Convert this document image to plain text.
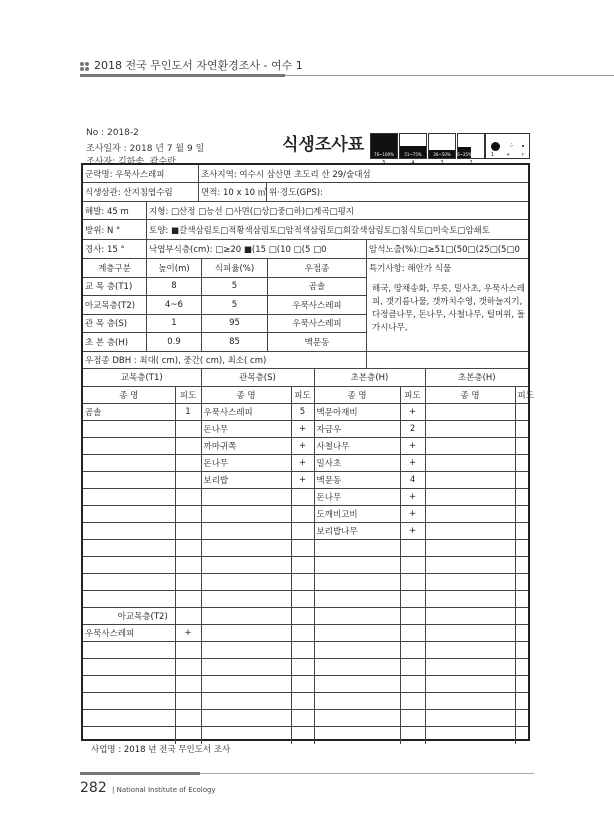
2018 전국 무인도서 자연환경조사 - 여수 1
No : 2018-2
조사일자 : 2018 년 7 월 9 일
조사자: 김하송, 곽수란
식생조사표 76~100%
5
51~75%
4
26~50%
3
6~25%
2
⁘
1 + r
군락명: 우묵사스레피	조사지역: 여수시 삼산면 초도리 산 29/술대섬
식생상관: 산지침엽수림	면적: 10 x 10 ㎡ 위·경도(GPS):
해발: 45 m	지형: □산정 □능선 □사면(□상□중□하)□계곡□평지
방위: N °	토양: ■갈색삼림토□적황색삼림토□암적색삼림토□회갈색삼림토□침식토□미숙토□암쇄토
경사: 15 °	낙엽부식층(cm): □≥20 ■(15 □(10 □(5 □0	암석노출(%):□≥51□(50□(25□(5□0
계층구분	높이(m)	식피율(%)	우점종
교 목 층(T1)	8	5	곰솔
아교목층(T2)	4~6	5	우묵사스레피
관 목 층(S)	1	95	우묵사스레피
초 본 층(H)	0.9	85	맥문동
특기사항: 해안가 식물
해국, 땅채송화, 무릇, 밀사초, 우묵사스레피, 갯기름나물, 갯까치수영, 갯하늘지기, 다정큼나무, 돈나무, 사철나무, 털머위, 돌가시나무,
우점종 DBH : 최대( cm), 중간( cm), 최소( cm)
교목층(T1)		관목층(S)		초본층(H)		초본층(H)	
종 명	피도	종 명	피도	종 명	피도	종 명	피도
곰솔	1	우묵사스레피	5	맥문아재비	+		
		돈나무	+	자금우	2		
		까마귀쪽	+	사철나무	+		
		돈나무	+	밀사초	+		
		보리밥	+	맥문동	4		
				돈나무	+		
				도깨비고비	+		
				보리밥나무	+		

아교목층(T2)							
우묵사스레피	+						

사업명 : 2018 년 전국 무인도서 조사
282 | National Institute of Ecology
